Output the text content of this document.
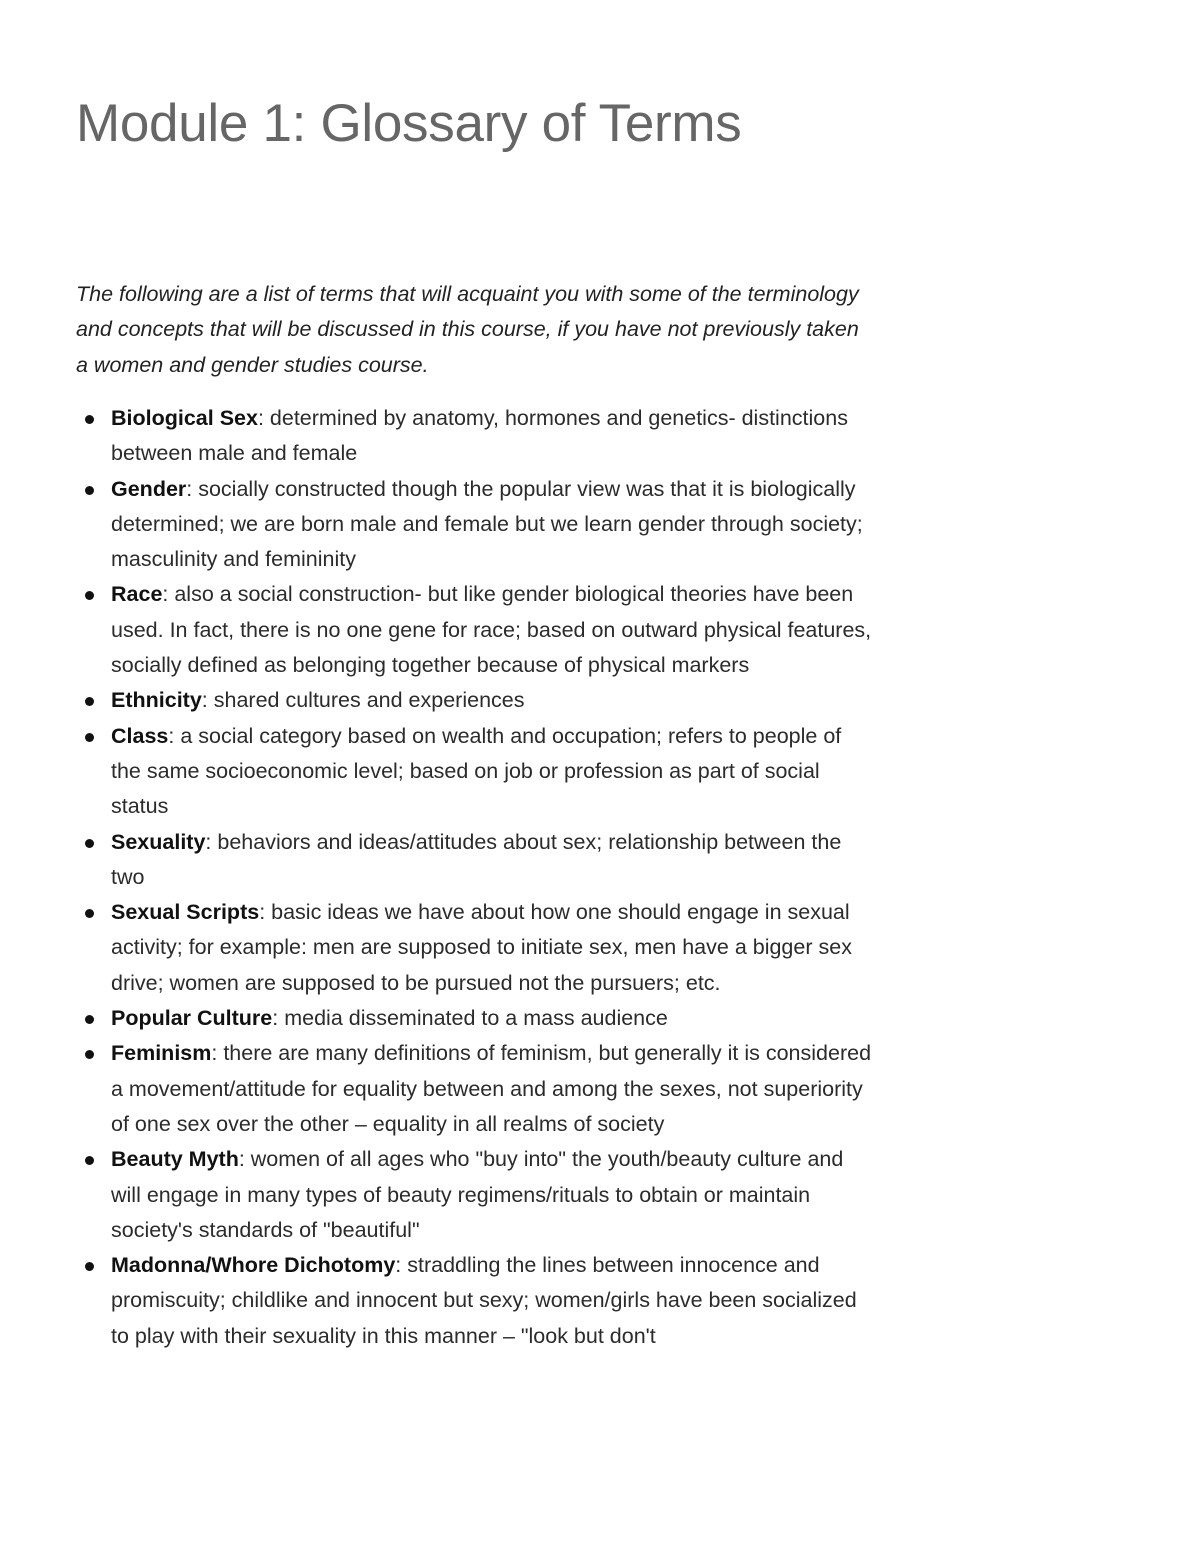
Module 1: Glossary of Terms

The following are a list of terms that will acquaint you with some of the terminology and concepts that will be discussed in this course, if you have not previously taken a women and gender studies course.

Biological Sex: determined by anatomy, hormones and genetics- distinctions between male and female
Gender: socially constructed though the popular view was that it is biologically determined; we are born male and female but we learn gender through society; masculinity and femininity
Race: also a social construction- but like gender biological theories have been used. In fact, there is no one gene for race; based on outward physical features, socially defined as belonging together because of physical markers
Ethnicity: shared cultures and experiences
Class: a social category based on wealth and occupation; refers to people of the same socioeconomic level; based on job or profession as part of social status
Sexuality: behaviors and ideas/attitudes about sex; relationship between the two
Sexual Scripts: basic ideas we have about how one should engage in sexual activity; for example: men are supposed to initiate sex, men have a bigger sex drive; women are supposed to be pursued not the pursuers; etc.
Popular Culture: media disseminated to a mass audience
Feminism: there are many definitions of feminism, but generally it is considered a movement/attitude for equality between and among the sexes, not superiority of one sex over the other – equality in all realms of society
Beauty Myth: women of all ages who "buy into" the youth/beauty culture and will engage in many types of beauty regimens/rituals to obtain or maintain society's standards of "beautiful"
Madonna/Whore Dichotomy: straddling the lines between innocence and promiscuity; childlike and innocent but sexy; women/girls have been socialized to play with their sexuality in this manner – "look but don't
